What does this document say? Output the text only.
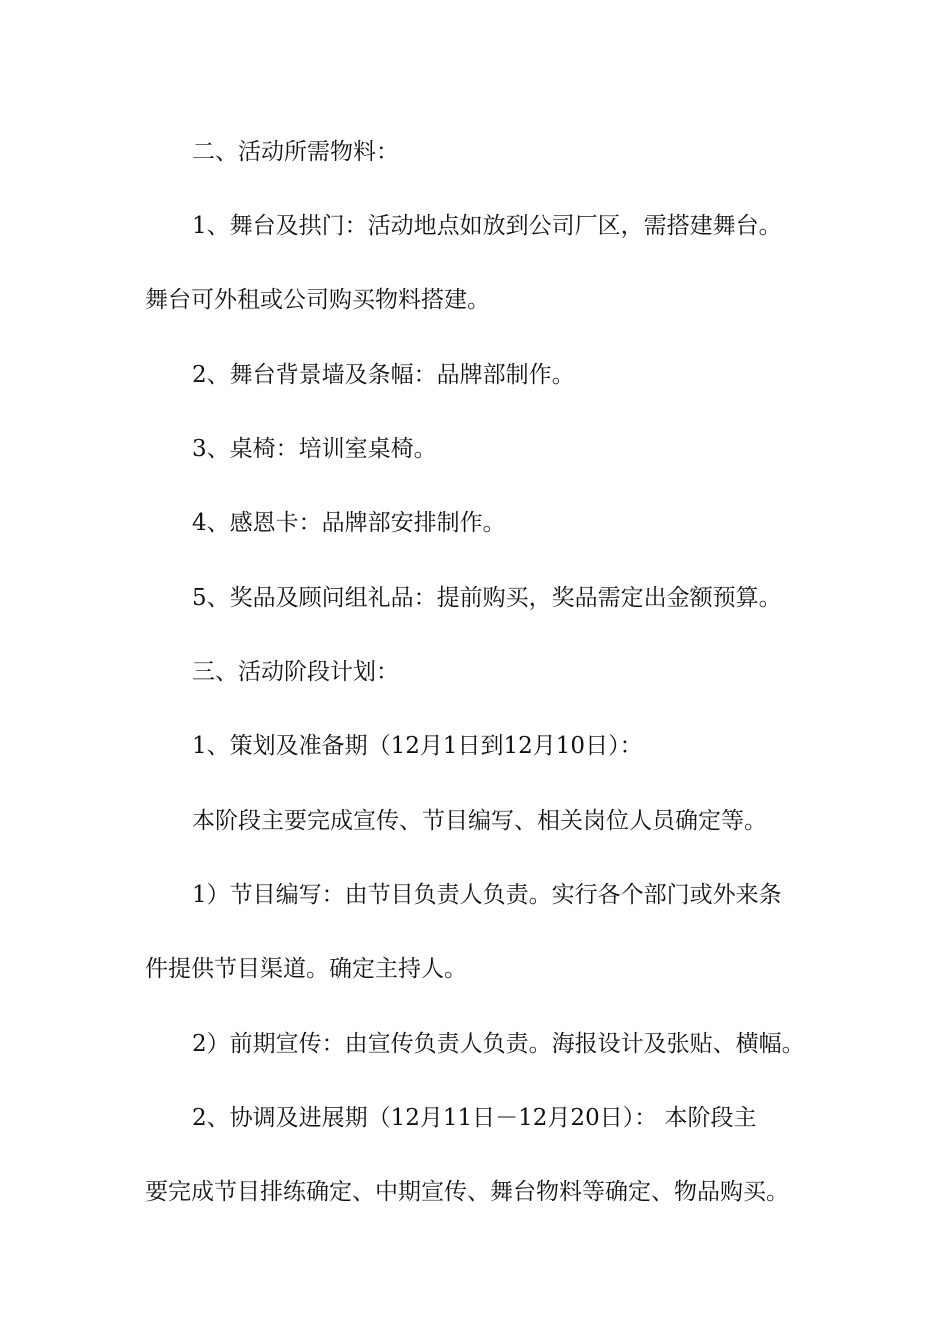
二、活动所需物料：
1、舞台及拱门：活动地点如放到公司厂区，需搭建舞台。
舞台可外租或公司购买物料搭建。
2、舞台背景墙及条幅：品牌部制作。
3、桌椅：培训室桌椅。
4、感恩卡：品牌部安排制作。
5、奖品及顾问组礼品：提前购买，奖品需定出金额预算。
三、活动阶段计划：
1、策划及准备期（12月1日到12月10日）：
本阶段主要完成宣传、节目编写、相关岗位人员确定等。
1）节目编写：由节目负责人负责。实行各个部门或外来条
件提供节目渠道。确定主持人。
2）前期宣传：由宣传负责人负责。海报设计及张贴、横幅。
2、协调及进展期（12月11日－12月20日）： 本阶段主
要完成节目排练确定、中期宣传、舞台物料等确定、物品购买。
